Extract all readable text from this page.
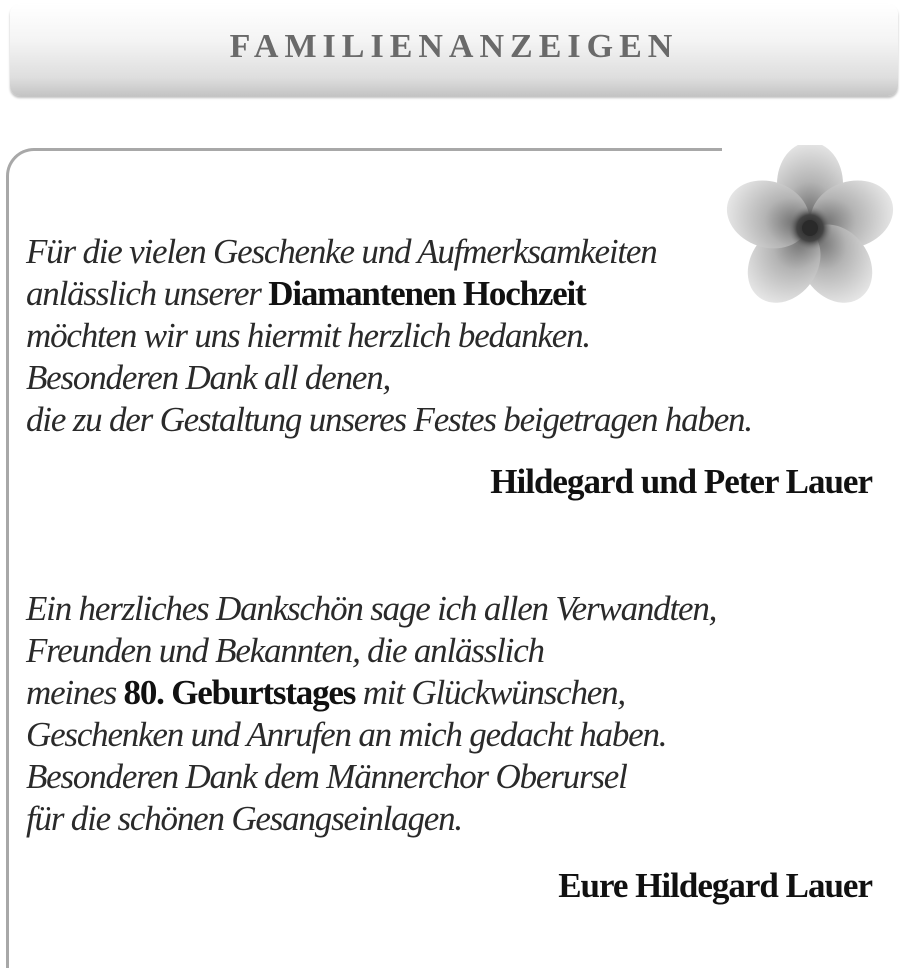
FAMILIENANZEIGEN
Für die vielen Geschenke und Aufmerksamkeiten
anlässlich unserer Diamantenen Hochzeit
möchten wir uns hiermit herzlich bedanken.
Besonderen Dank all denen,
die zu der Gestaltung unseres Festes beigetragen haben.
Hildegard und Peter Lauer
Ein herzliches Dankschön sage ich allen Verwandten,
Freunden und Bekannten, die anlässlich
meines 80. Geburtstages mit Glückwünschen,
Geschenken und Anrufen an mich gedacht haben.
Besonderen Dank dem Männerchor Oberursel
für die schönen Gesangseinlagen.
Eure Hildegard Lauer
